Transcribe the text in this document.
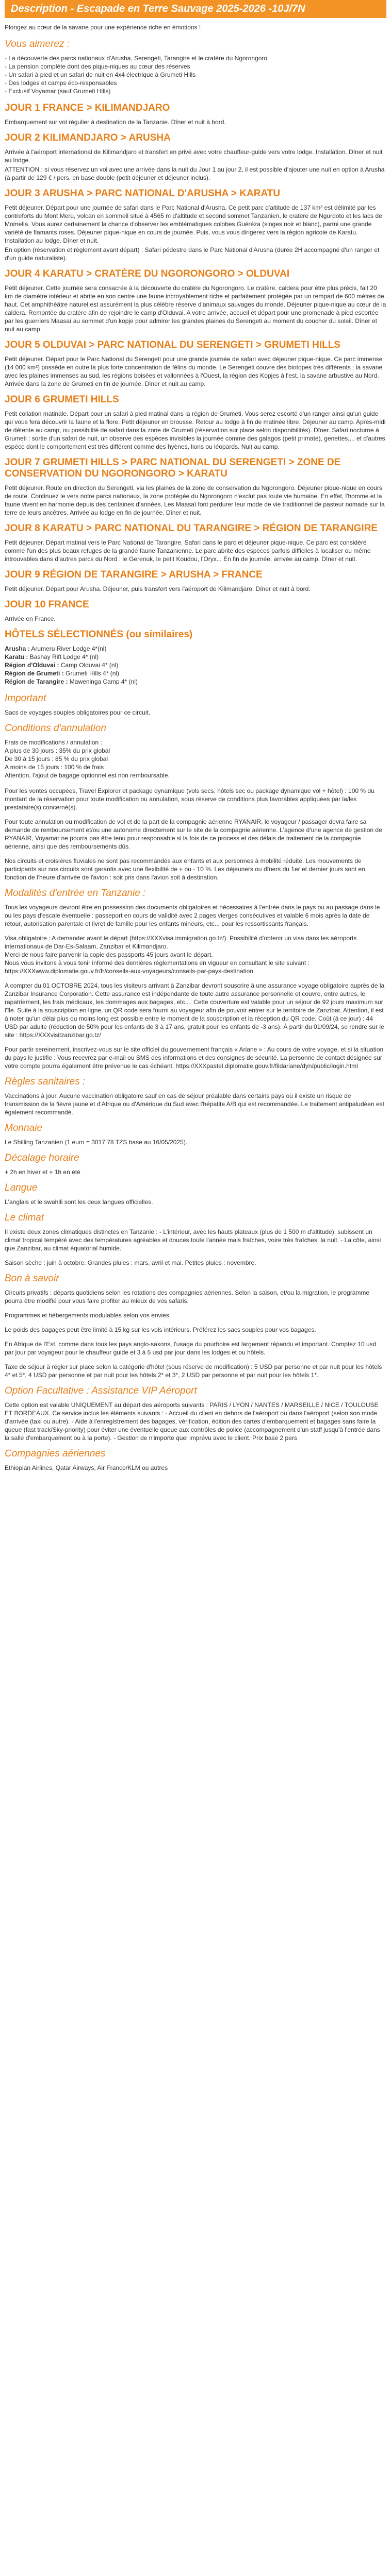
Description - Escapade en Terre Sauvage 2025-2026 -10J/7N

Plongez au cœur de la savane pour une expérience riche en émotions !

Vous aimerez :

- La découverte des parcs nationaux d'Arusha, Serengeti, Tarangire et le cratère du Ngorongoro

- La pension complète dont des pique-niques au cœur des réserves

- Un safari à pied et un safari de nuit en 4x4 électrique à Grumeti Hills

- Des lodges et camps éco-responsables

- Exclusif Voyamar (sauf Grumeti Hills)

JOUR 1 FRANCE > KILIMANDJARO

Embarquement sur vol régulier à destination de la Tanzanie. Dîner et nuit à bord.

JOUR 2 KILIMANDJARO > ARUSHA

Arrivée à l'aéroport international de Kilimandjaro et transfert en privé avec votre chauffeur-guide vers votre lodge. Installation. Dîner et nuit au lodge.

ATTENTION : si vous réservez un vol avec une arrivée dans la nuit du Jour 1 au jour 2, il est possible d'ajouter une nuit en option à Arusha (à partir de 129 € / pers. en base double (petit déjeuner et déjeuner inclus).

JOUR 3 ARUSHA > PARC NATIONAL D'ARUSHA > KARATU

Petit déjeuner. Départ pour une journée de safari dans le Parc National d'Arusha. Ce petit parc d'altitude de 137 km² est délimité par les contreforts du Mont Meru, volcan en sommeil situé à 4565 m d'altitude et second sommet Tanzanien, le cratère de Ngurdoto et les lacs de Momella. Vous aurez certainement la chance d'observer les emblématiques colobes Guéréza (singes noir et blanc), parmi une grande variété de flamants roses. Déjeuner pique-nique en cours de journée. Puis, vous vous dirigerez vers la région agricole de Karatu. Installation au lodge. Dîner et nuit.

En option (réservation et règlement avant départ) : Safari pédestre dans le Parc National d'Arusha (durée 2H accompagné d'un ranger et d'un guide naturaliste).

JOUR 4 KARATU > CRATÈRE DU NGORONGORO > OLDUVAI

Petit déjeuner. Cette journée sera consacrée à la découverte du cratère du Ngorongoro. Le cratère, caldera pour être plus précis, fait 20 km de diamètre intérieur et abrite en son centre une faune incroyablement riche et parfaitement protégée par un rempart de 600 mètres de haut. Cet amphithéâtre naturel est assurément la plus célèbre réserve d'animaux sauvages du monde. Déjeuner pique-nique au cœur de la caldera. Remontée du cratère afin de rejoindre le camp d'Olduvai. A votre arrivée, accueil et départ pour une promenade à pied escortée par les guerriers Maasaï au sommet d'un kopje pour admirer les grandes plaines du Serengeti au moment du coucher du soleil. Dîner et nuit au camp.

JOUR 5 OLDUVAI > PARC NATIONAL DU SERENGETI > GRUMETI HILLS

Petit déjeuner. Départ pour le Parc National du Serengeti pour une grande journée de safari avec déjeuner pique-nique. Ce parc immense (14 000 km²) possède en outre la plus forte concentration de félins du monde. Le Serengeti couvre des biotopes très différents : la savane avec les plaines immenses au sud, les régions boisées et vallonnées à l'Ouest, la région des Kopjes à l'est, la savane arbustive au Nord. Arrivée dans la zone de Grumeti en fin de journée. Dîner et nuit au camp.

JOUR 6 GRUMETI HILLS

Petit collation matinale. Départ pour un safari à pied matinal dans la région de Grumeti. Vous serez escorté d'un ranger ainsi qu'un guide qui vous fera découvrir la faune et la flore. Petit déjeuner en brousse. Retour au lodge à fin de matinée libre. Déjeuner au camp. Après-midi de détente au camp, ou possibilité de safari dans la zone de Grumeti (réservation sur place selon disponibilités). Dîner. Safari nocturne à Grumeti : sortie d'un safari de nuit, un observe des espèces invisibles la journée comme des galagos (petit primate), genettes,... et d'autres espèce dont le comportement est très différent comme des hyènes, lions ou léopards. Nuit au camp.

JOUR 7 GRUMETI HILLS > PARC NATIONAL DU SERENGETI > ZONE DE CONSERVATION DU NGORONGORO > KARATU

Petit déjeuner. Route en direction du Serengeti, via les plaines de la zone de conservation du Ngorongoro. Déjeuner pique-nique en cours de route. Continuez le vers notre parcs nationaux, la zone protégée du Ngorongoro n'exclut pas toute vie humaine. En effet, l'homme et la faune vivent en harmonie depuis des centaines d'années. Les Maasaï font perdurer leur mode de vie traditionnel de pasteur nomade sur la terre de leurs ancêtres. Arrivée au lodge en fin de journée. Dîner et nuit.

JOUR 8 KARATU > PARC NATIONAL DU TARANGIRE > RÉGION DE TARANGIRE

Petit déjeuner. Départ matinal vers le Parc National de Tarangire. Safari dans le parc et déjeuner pique-nique. Ce parc est considéré comme l'un des plus beaux refuges de la grande faune Tanzanienne. Le parc abrite des espèces parfois difficiles à localiser ou même introuvables dans d'autres parcs du Nord : le Gerenuk, le petit Koudou, l'Oryx... En fin de journée, arrivée au camp. Dîner et nuit.

JOUR 9 RÉGION DE TARANGIRE > ARUSHA > FRANCE

Petit déjeuner. Départ pour Arusha. Déjeuner, puis transfert vers l'aéroport de Kilimandjaro. Dîner et nuit à bord.

JOUR 10 FRANCE

Arrivée en France.

HÔTELS SÉLECTIONNÉS (ou similaires)

Arusha : Arumeru River Lodge 4*(nl)

Karatu : Bashay Rift Lodge 4* (nl)

Région d'Olduvai : Camp Olduvai 4* (nl)

Région de Grumeti : Grumeti Hills 4* (nl)

Région de Tarangire : Maweninga Camp 4* (nl)

Important

Sacs de voyages souples obligatoires pour ce circuit.

Conditions d'annulation

Frais de modifications / annulation :

A plus de 30 jours : 35% du prix global

De 30 à 15 jours : 85 % du prix global

A moins de 15 jours : 100 % de frais

Attention, l'ajout de bagage optionnel est non remboursable.

Pour les ventes occupées, Travel Explorer et package dynamique (vols secs, hôtels sec ou package dynamique vol + hôtel) : 100 % du montant de la réservation pour toute modification ou annulation, sous réserve de conditions plus favorables appliquées par la/les prestataire(s) concerné(s).

Pour toute annulation ou modification de vol et de la part de la compagnie aérienne RYANAIR, le voyageur / passager devra faire sa demande de remboursement et/ou une autonome directement sur le site de la compagnie aérienne. L'agence d'une agence de gestion de RYANAIR, Voyamar ne pourra pas être tenu pour responsable si la fois de ce process et des délais de traitement de la compagnie aérienne, ainsi que des remboursements dûs.

Nos circuits et croisières fluviales ne sont pas recommandés aux enfants et aux personnes à mobilité réduite. Les mouvements de participants sur nos circuits sont garantis avec une flexibilité de + ou - 10 %. Les déjeuners ou dîners du 1er et dernier jours sont en fonction de l'heure d'arrivée de l'avion : soit pris dans l'avion soit à destination.

Modalités d'entrée en Tanzanie :

Tous les voyageurs devront être en possession des documents obligatoires et nécessaires à l'entrée dans le pays ou au passage dans le ou les pays d'escale éventuelle : passeport en cours de validité avec 2 pages vierges consécutives et valable 6 mois après la date de retour, autorisation parentale et livret de famille pour les enfants mineurs, etc... pour les ressortissants français.

Visa obligatoire : A demander avant le départ (https://XXXvisa.immigration.go.tz/). Possibilité d'obtenir un visa dans les aéroports internationaux de Dar-Es-Salaam, Zanzibar et Kilimandjaro.

Merci de nous faire parvenir la copie des passports 45 jours avant le départ.

Nous vous invitons à vous tenir informé des dernières réglementations en vigueur en consultant le site suivant : https://XXXwww.diplomatie.gouv.fr/fr/conseils-aux-voyageurs/conseils-par-pays-destination

A compter du 01 OCTOBRE 2024, tous les visiteurs arrivant à Zanzibar devront souscrire à une assurance voyage obligatoire auprès de la Zanzibar Insurance Corporation. Cette assurance est indépendante de toute autre assurance personnelle et couvre, entre autres, le rapatriement, les frais médicaux, les dommages aux bagages, etc.... Cette couverture est valable pour un séjour de 92 jours maximum sur l'île. Suite à la souscription en ligne, un QR code sera fourni au voyageur afin de pouvoir entrer sur le territoire de Zanzibar. Attention, il est à noter qu'un délai plus ou moins long est possible entre le moment de la souscription et la réception du QR code. Coût (à ce jour) : 44 USD par adulte (réduction de 50% pour les enfants de 3 à 17 ans, gratuit pour les enfants de -3 ans). À partir du 01/09/24, se rendre sur le site : https://XXXvisitzanzibar.go.tz/

Pour partir sereinement, inscrivez-vous sur le site officiel du gouvernement français « Ariane » : Au cours de votre voyage, et si la situation du pays le justifie : Vous recevrez par e-mail ou SMS des informations et des consignes de sécurité. La personne de contact désignée sur votre compte pourra également être prévenue le cas échéant. https://XXXpastel.diplomatie.gouv.fr/fildariane/dyn/public/login.html

Règles sanitaires :

Vaccinations à jour. Aucune vaccination obligatoire sauf en cas de séjour préalable dans certains pays où il existe un risque de transmission de la fièvre jaune et d'Afrique ou d'Amérique du Sud avec l'hépatite A/B qui est recommandée. Le traitement antipaludéen est également recommandé.

Monnaie

Le Shilling Tanzanien (1 euro = 3017.78 TZS base au 16/05/2025).

Décalage horaire

+ 2h en hiver et + 1h en été

Langue

L'anglais et le swahili sont les deux langues officielles.

Le climat

Il existe deux zones climatiques distinctes en Tanzanie : - L'intérieur, avec les hauts plateaux (plus de 1 500 m d'altitude), subissent un climat tropical tempéré avec des températures agréables et douces toute l'année mais fraîches, voire très fraîches, la nuit. - La côte, ainsi que Zanzibar, au climat équatorial humide.

Saison sèche : juin à octobre. Grandes pluies : mars, avril et mai. Petites pluies : novembre.

Bon à savoir

Circuits privatifs : départs quotidiens selon les rotations des compagnies aériennes. Selon la saison, et/ou la migration, le programme pourra être modifié pour vous faire profiter au mieux de vos safaris.

Programmes et hébergements modulables selon vos envies.

Le poids des bagages peut être limité à 15 kg sur les vols intérieurs. Préférez les sacs souples pour vos bagages.

En Afrique de l'Est, comme dans tous les pays anglo-saxons, l'usage du pourboire est largement répandu et important. Comptez 10 usd par jour par voyageur pour le chauffeur guide et 3 à 5 usd par jour dans les lodges et ou hôtels.

Taxe de séjour à régler sur place selon la catégorie d'hôtel (sous réserve de modification) : 5 USD par personne et par nuit pour les hôtels 4* et 5*, 4 USD par personne et par nuit pour les hôtels 2* et 3*, 2 USD par personne et par nuit pour les hôtels 1*.

Option Facultative : Assistance VIP Aéroport

Cette option est valable UNIQUEMENT au départ des aéroports suivants : PARIS / LYON / NANTES / MARSEILLE / NICE / TOULOUSE ET BORDEAUX. Ce service inclus les éléments suivants : - Accueil du client en dehors de l'aéroport ou dans l'aéroport (selon son mode d'arrivée (taxi ou autre). - Aide à l'enregistrement des bagages, vérification, édition des cartes d'embarquement et bagages sans faire la queue (fast track/Sky-priority) pour éviter une éventuelle queue aux contrôles de police (accompagnement d'un staff jusqu'à l'entrée dans la salle d'embarquement ou à la porte). - Gestion de n'importe quel imprévu avec le client. Prix base 2 pers

Compagnies aériennes

Ethiopian Airlines, Qatar Airways, Air France/KLM ou autres
